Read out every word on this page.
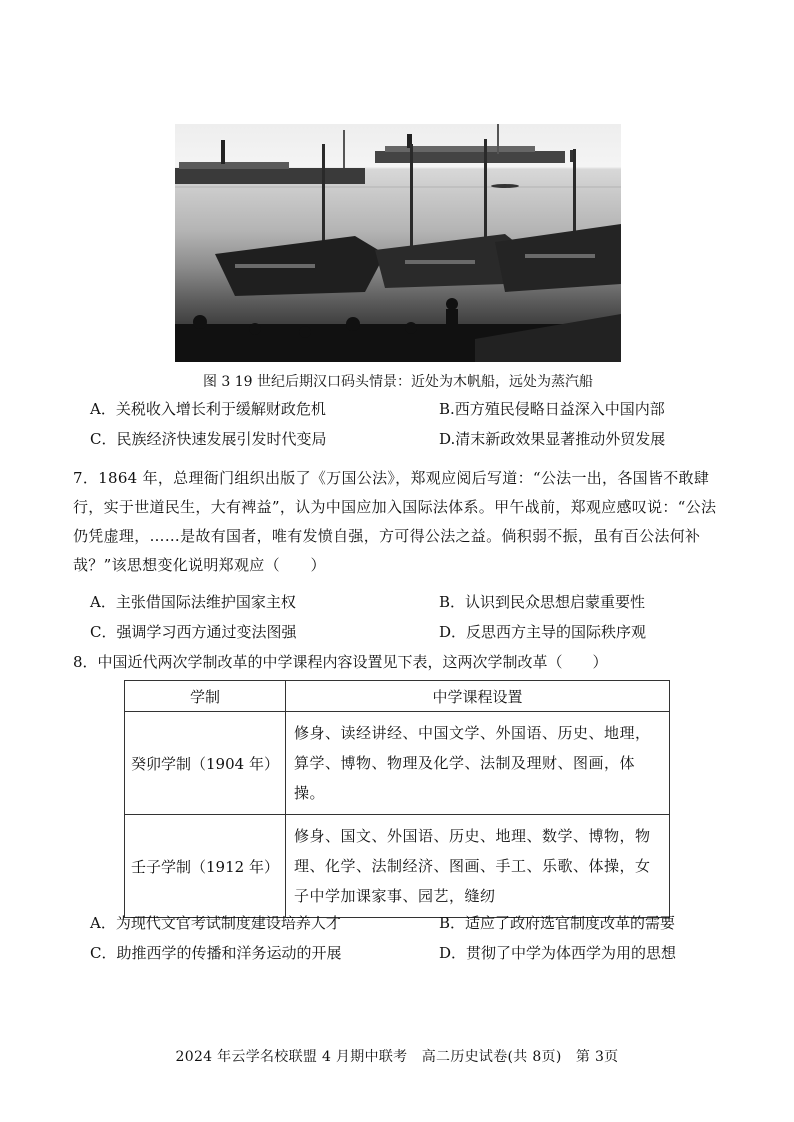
图 3 19 世纪后期汉口码头情景：近处为木帆船，远处为蒸汽船
A．关税收入增长利于缓解财政危机	B.西方殖民侵略日益深入中国内部
C．民族经济快速发展引发时代变局	D.清末新政效果显著推动外贸发展
7．1864 年，总理衙门组织出版了《万国公法》，郑观应阅后写道：“公法一出，各国皆不敢肆行，实于世道民生，大有裨益”，认为中国应加入国际法体系。甲午战前，郑观应感叹说：“公法仍凭虚理，……是故有国者，唯有发愤自强，方可得公法之益。倘积弱不振，虽有百公法何补哉？”该思想变化说明郑观应（　　）
A．主张借国际法维护国家主权	B．认识到民众思想启蒙重要性
C．强调学习西方通过变法图强	D．反思西方主导的国际秩序观
8．中国近代两次学制改革的中学课程内容设置见下表，这两次学制改革（　　）
学制	中学课程设置
癸卯学制（1904 年）	修身、读经讲经、中国文学、外国语、历史、地理，算学、博物、物理及化学、法制及理财、图画，体操。
壬子学制（1912 年）	修身、国文、外国语、历史、地理、数学、博物，物理、化学、法制经济、图画、手工、乐歌、体操，女子中学加课家事、园艺，缝纫
A．为现代文官考试制度建设培养人才	B．适应了政府选官制度改革的需要
C．助推西学的传播和洋务运动的开展	D．贯彻了中学为体西学为用的思想
2024 年云学名校联盟 4 月期中联考　高二历史试卷(共 8页)　第 3页
